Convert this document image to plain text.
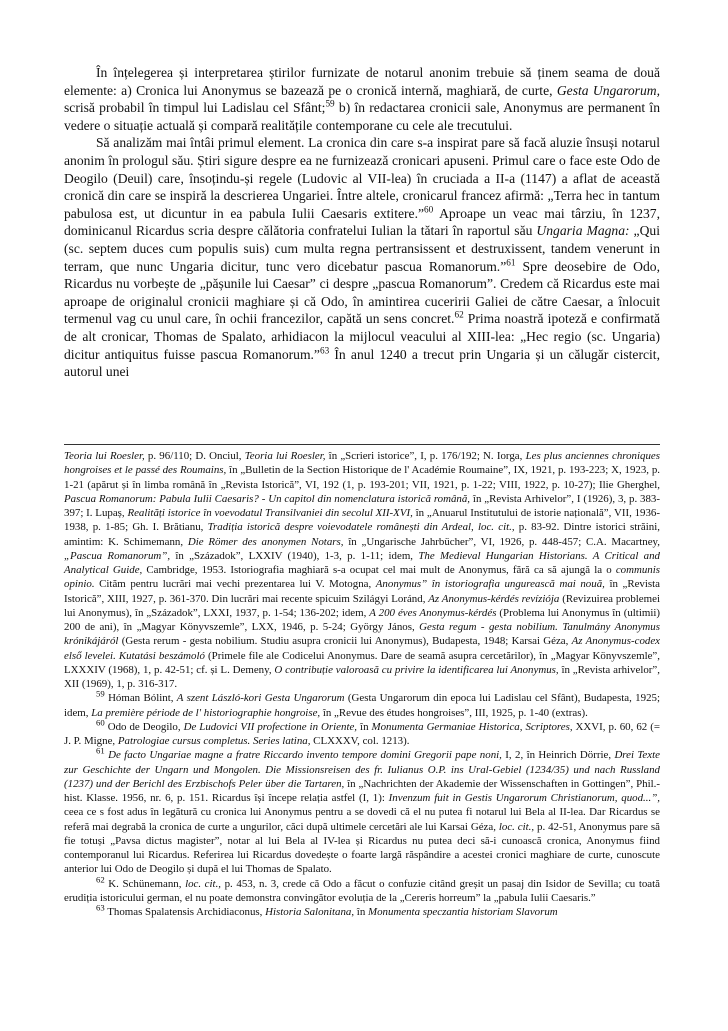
În înțelegerea și interpretarea știrilor furnizate de notarul anonim trebuie să ținem seama de două elemente: a) Cronica lui Anonymus se bazează pe o cronică internă, maghiară, de curte, Gesta Ungarorum, scrisă probabil în timpul lui Ladislau cel Sfânt;$^{59}$ b) în redactarea cronicii sale, Anonymus are permanent în vedere o situație actuală și compară realitățile contemporane cu cele ale trecutului.

Să analizăm mai întâi primul element. La cronica din care s-a inspirat pare să facă aluzie însuși notarul anonim în prologul său. Știri sigure despre ea ne furnizează cronicari apuseni. Primul care o face este Odo de Deogilo (Deuil) care, însoțindu-și regele (Ludovic al VII-lea) în cruciada a II-a (1147) a aflat de această cronică din care se inspiră la descrierea Ungariei. Între altele, cronicarul francez afirmă: „Terra hec in tantum pabulosa est, ut dicuntur in ea pabula Iulii Caesaris extitere.”$^{60}$ Aproape un veac mai târziu, în 1237, dominicanul Ricardus scria despre călătoria confratelui Iulian la tătari în raportul său Ungaria Magna: „Qui (sc. septem duces cum populis suis) cum multa regna pertransissent et destruxissent, tandem venerunt in terram, que nunc Ungaria dicitur, tunc vero dicebatur pascua Romanorum.”$^{61}$ Spre deosebire de Odo, Ricardus nu vorbește de „pășunile lui Caesar” ci despre „pascua Romanorum”. Credem că Ricardus este mai aproape de originalul cronicii maghiare și că Odo, în amintirea cuceririi Galiei de către Caesar, a înlocuit termenul vag cu unul care, în ochii francezilor, capătă un sens concret.$^{62}$ Prima noastră ipoteză e confirmată de alt cronicar, Thomas de Spalato, arhidiacon la mijlocul veacului al XIII-lea: „Hec regio (sc. Ungaria) dicitur antiquitus fuisse pascua Romanorum.”$^{63}$ În anul 1240 a trecut prin Ungaria și un călugăr cistercit, autorul unei

Teoria lui Roesler, p. 96/110; D. Onciul, Teoria lui Roesler, în „Scrieri istorice”, I, p. 176/192; N. Iorga, Les plus anciennes chroniques hongroises et le passé des Roumains, în „Bulletin de la Section Historique de l' Académie Roumaine”, IX, 1921, p. 193-223; X, 1923, p. 1-21 (apărut și în limba română în „Revista Istorică”, VI, 192 (1, p. 193-201; VII, 1921, p. 1-22; VIII, 1922, p. 10-27); Ilie Gherghel, Pascua Romanorum: Pabula Iulii Caesaris? - Un capitol din nomenclatura istorică română, în „Revista Arhivelor”, I (1926), 3, p. 383-397; I. Lupaș, Realități istorice în voevodatul Transilvaniei din secolul XII-XVI, în „Anuarul Institutului de istorie națională”, VII, 1936-1938, p. 1-85; Gh. I. Brătianu, Tradiția istorică despre voievodatele românești din Ardeal, loc. cit., p. 83-92. Dintre istorici străini, amintim: K. Schimemann, Die Römer des anonymen Notars, în „Ungarische Jahrbücher”, VI, 1926, p. 448-457; C.A. Macartney, „Pascua Romanorum”, în „Századok”, LXXIV (1940), 1-3, p. 1-11; idem, The Medieval Hungarian Historians. A Critical and Analytical Guide, Cambridge, 1953. Istoriografia maghiară s-a ocupat cel mai mult de Anonymus, fără ca să ajungă la o communis opinio. Cităm pentru lucrări mai vechi prezentarea lui V. Motogna, Anonymus” în istoriografia ungurească mai nouă, în „Revista Istorică”, XIII, 1927, p. 361-370. Din lucrări mai recente spicuim Szilágyi Loránd, Az Anonymus-kérdés revíziója (Revizuirea problemei lui Anonymus), în „Századok”, LXXI, 1937, p. 1-54; 136-202; idem, A 200 éves Anonymus-kérdés (Problema lui Anonymus în (ultimii) 200 de ani), în „Magyar Könyvszemle”, LXX, 1946, p. 5-24; György János, Gesta regum - gesta nobilium. Tanulmány Anonymus krónikájáról (Gesta rerum - gesta nobilium. Studiu asupra cronicii lui Anonymus), Budapesta, 1948; Karsai Géza, Az Anonymus-codex első levelei. Kutatási beszámoló (Primele file ale Codicelui Anonymus. Dare de seamă asupra cercetărilor), în „Magyar Könyvszemle”, LXXXIV (1968), 1, p. 42-51; cf. și L. Demeny, O contribuție valoroasă cu privire la identificarea lui Anonymus, în „Revista arhivelor”, XII (1969), 1, p. 316-317.

$^{59}$ Hóman Bólint, A szent László-kori Gesta Ungarorum (Gesta Ungarorum din epoca lui Ladislau cel Sfânt), Budapesta, 1925; idem, La première période de l' historiographie hongroise, în „Revue des études hongroises”, III, 1925, p. 1-40 (extras).

$^{60}$ Odo de Deogilo, De Ludovici VII profectione in Oriente, în Monumenta Germaniae Historica, Scriptores, XXVI, p. 60, 62 (= J. P. Migne, Patrologiae cursus completus. Series latina, CLXXXV, col. 1213).

$^{61}$ De facto Ungariae magne a fratre Riccardo invento tempore domini Gregorii pape noni, I, 2, în Heinrich Dörrie, Drei Texte zur Geschichte der Ungarn und Mongolen. Die Missionsreisen des fr. Iulianus O.P. ins Ural-Gebiel (1234/35) und nach Russland (1237) und der Berichl des Erzbischofs Peler über die Tartaren, în „Nachrichten der Akademie der Wissenschaften in Gottingen”, Phil.-hist. Klasse. 1956, nr. 6, p. 151. Ricardus își începe relația astfel (I, 1): Invenzum fuit in Gestis Ungarorum Christianorum, quod...”, ceea ce s fost adus în legătură cu cronica lui Anonymus pentru a se dovedi că el nu putea fi notarul lui Bela al II-lea. Dar Ricardus se referă mai degrabă la cronica de curte a ungurilor, căci după ultimele cercetări ale lui Karsai Géza, loc. cit., p. 42-51, Anonymus pare să fie totuși „Pavsa dictus magister”, notar al lui Bela al IV-lea și Ricardus nu putea deci să-i cunoască cronica, Anonymus fiind contemporanul lui Ricardus. Referirea lui Ricardus dovedește o foarte largă răspândire a acestei cronici maghiare de curte, cunoscute anterior lui Odo de Deogilo și după el lui Thomas de Spalato.

$^{62}$ K. Schünemann, loc. cit., p. 453, n. 3, crede că Odo a făcut o confuzie citând greșit un pasaj din Isidor de Sevilla; cu toată erudiția istoricului german, el nu poate demonstra convingător evoluția de la „Cereris horreum” la „pabula Iulii Caesaris.”

$^{63}$ Thomas Spalatensis Archidiaconus, Historia Salonitana, în Monumenta speczantia historiam Slavorum
